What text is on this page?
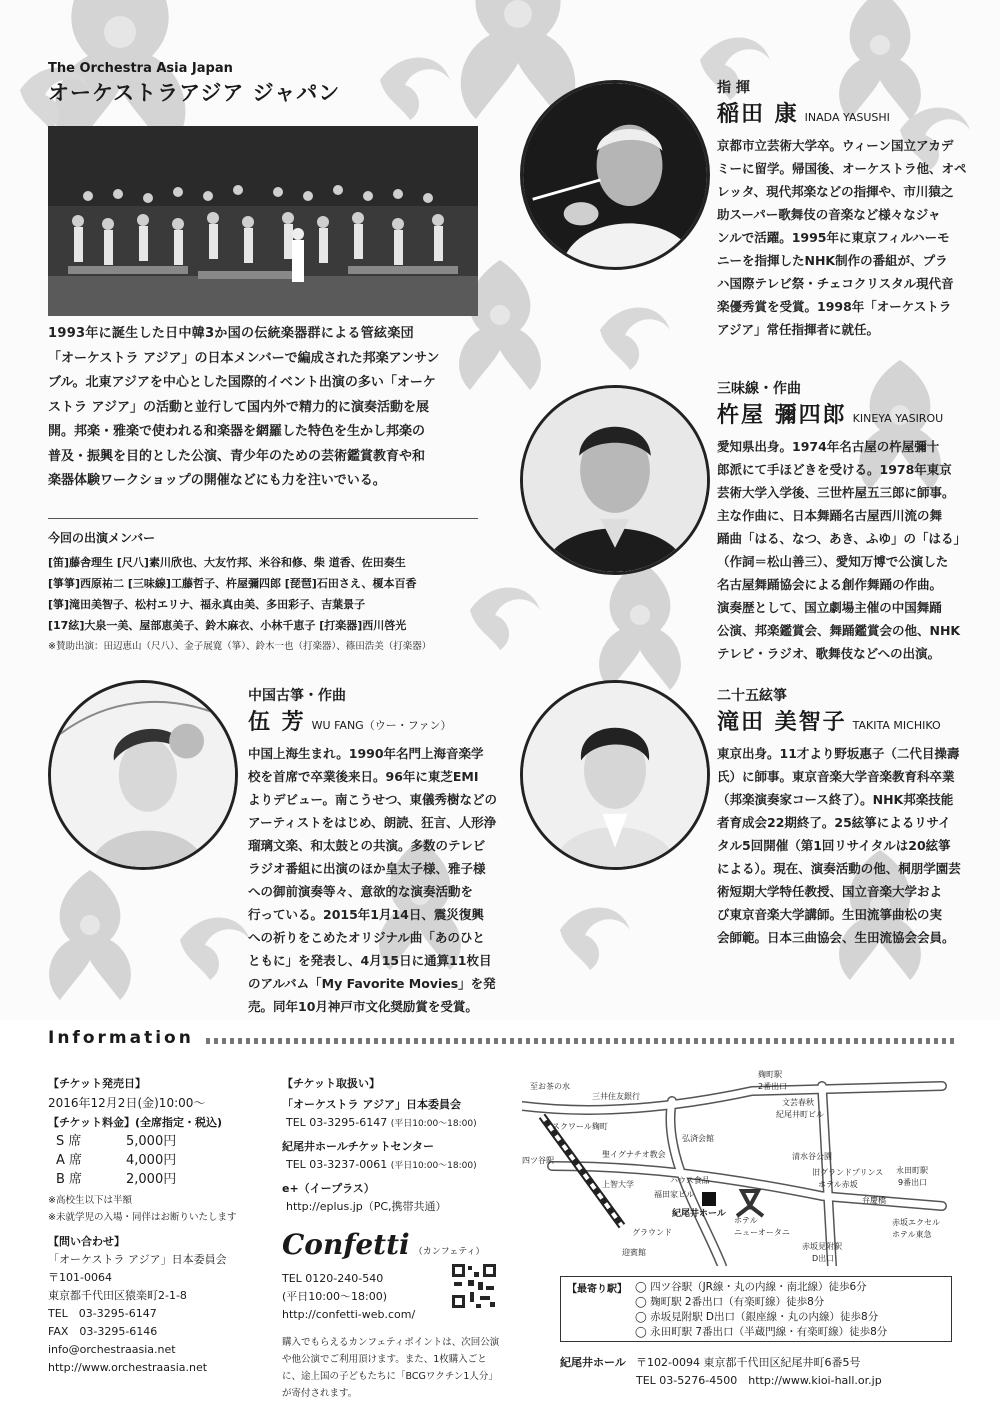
The Orchestra Asia Japan
オーケストラアジア ジャパン
1993年に誕生した日中韓3か国の伝統楽器群による管絃楽団
「オーケストラ アジア」の日本メンバーで編成された邦楽アンサン
ブル。北東アジアを中心とした国際的イベント出演の多い「オーケ
ストラ アジア」の活動と並行して国内外で精力的に演奏活動を展
開。邦楽・雅楽で使われる和楽器を網羅した特色を生かし邦楽の
普及・振興を目的とした公演、青少年のための芸術鑑賞教育や和
楽器体験ワークショップの開催などにも力を注いでいる。
今回の出演メンバー
[笛]藤舎理生 [尺八]素川欣也、大友竹邦、米谷和修、柴 道香、佐田奏生
[箏箏]西原祐二 [三味線]工藤哲子、杵屋彌四郎 [琵琶]石田さえ、榎本百香
[箏]滝田美智子、松村エリナ、福永真由美、多田彩子、吉葉景子
[17絃]大泉一美、屋部恵美子、鈴木麻衣、小林千恵子 [打楽器]西川啓光
※賛助出演：田辺恵山（尺八）、金子展寛（箏）、鈴木一也（打楽器）、篠田浩美（打楽器）
指 揮
稲田 康 INADA YASUSHI
京都市立芸術大学卒。ウィーン国立アカデ
ミーに留学。帰国後、オーケストラ他、オペ
レッタ、現代邦楽などの指揮や、市川猿之
助スーパー歌舞伎の音楽など様々なジャ
ンルで活躍。1995年に東京フィルハーモ
ニーを指揮したNHK制作の番組が、プラ
ハ国際テレビ祭・チェコクリスタル現代音
楽優秀賞を受賞。1998年「オーケストラ
アジア」常任指揮者に就任。
三味線・作曲
杵屋 彌四郎 KINEYA YASIROU
愛知県出身。1974年名古屋の杵屋彌十
郎派にて手ほどきを受ける。1978年東京
芸術大学入学後、三世杵屋五三郎に師事。
主な作曲に、日本舞踊名古屋西川流の舞
踊曲「はる、なつ、あき、ふゆ」の「はる」
（作詞＝松山善三）、愛知万博で公演した
名古屋舞踊協会による創作舞踊の作曲。
演奏歴として、国立劇場主催の中国舞踊
公演、邦楽鑑賞会、舞踊鑑賞会の他、NHK
テレビ・ラジオ、歌舞伎などへの出演。
中国古箏・作曲
伍 芳 WU FANG（ウー・ファン）
中国上海生まれ。1990年名門上海音楽学
校を首席で卒業後来日。96年に東芝EMI
よりデビュー。南こうせつ、東儀秀樹などの
アーティストをはじめ、朗読、狂言、人形浄
瑠璃文楽、和太鼓との共演。多数のテレビ
ラジオ番組に出演のほか皇太子様、雅子様
への御前演奏等々、意欲的な演奏活動を
行っている。2015年1月14日、震災復興
への祈りをこめたオリジナル曲「あのひと
ともに」を発表し、4月15日に通算11枚目
のアルバム「My Favorite Movies」を発
売。同年10月神戸市文化奨励賞を受賞。
二十五絃箏
滝田 美智子 TAKITA MICHIKO
東京出身。11才より野坂惠子（二代目操壽
氏）に師事。東京音楽大学音楽教育科卒業
（邦楽演奏家コース終了）。NHK邦楽技能
者育成会22期終了。25絃箏によるリサイ
タル5回開催（第1回リサイタルは20絃箏
による）。現在、演奏活動の他、桐朋学園芸
術短期大学特任教授、国立音楽大学およ
び東京音楽大学講師。生田流箏曲松の実
会師範。日本三曲協会、生田流協会会員。
Information
【チケット発売日】
2016年12月2日(金)10:00〜
【チケット料金】(全席指定・税込)
S 席	5,000円
A 席	4,000円
B 席	2,000円
※高校生以下は半額
※未就学児の入場・同伴はお断りいたします
【問い合わせ】
「オーケストラ アジア」日本委員会
〒101-0064
東京都千代田区猿楽町2-1-8
TEL　03-3295-6147
FAX　03-3295-6146
info@orchestraasia.net
http://www.orchestraasia.net
【チケット取扱い】
「オーケストラ アジア」日本委員会
TEL 03-3295-6147 (平日10:00〜18:00)
紀尾井ホールチケットセンター
TEL 03-3237-0061 (平日10:00〜18:00)
e+（イープラス）
http://eplus.jp（PC,携帯共通）
Confetti （カンフェティ）
TEL 0120-240-540
(平日10:00〜18:00)
http://confetti-web.com/
購入でもらえるカンフェティポイントは、次回公演
や他公演でご利用頂けます。また、1枚購入ごと
に、途上国の子どもたちに「BCGワクチン1人分」
が寄付されます。
至お茶の水
三井住友銀行
スクワール麹町
四ツ谷駅
聖イグナチオ教会
上智大学	ハウス食品
福田家ビル
グラウンド
紀尾井ホール
ホテル
ニューオータニ
迎賓館
弘済会館
麹町駅
2番出口
文芸春秋
紀尾井町ビル
清水谷公園
旧グランドプリンス
ホテル赤坂
永田町駅
9番出口
赤坂エクセル
ホテル東急
赤坂見附駅
D出口
弁慶橋
【最寄り駅】 ◯ 四ツ谷駅（JR線・丸の内線・南北線）徒歩6分
◯ 麹町駅 2番出口（有楽町線）徒歩8分
◯ 赤坂見附駅 D出口（銀座線・丸の内線）徒歩8分
◯ 永田町駅 7番出口（半蔵門線・有楽町線）徒歩8分
紀尾井ホール 〒102-0094 東京都千代田区紀尾井町6番5号
TEL 03-5276-4500　http://www.kioi-hall.or.jp
